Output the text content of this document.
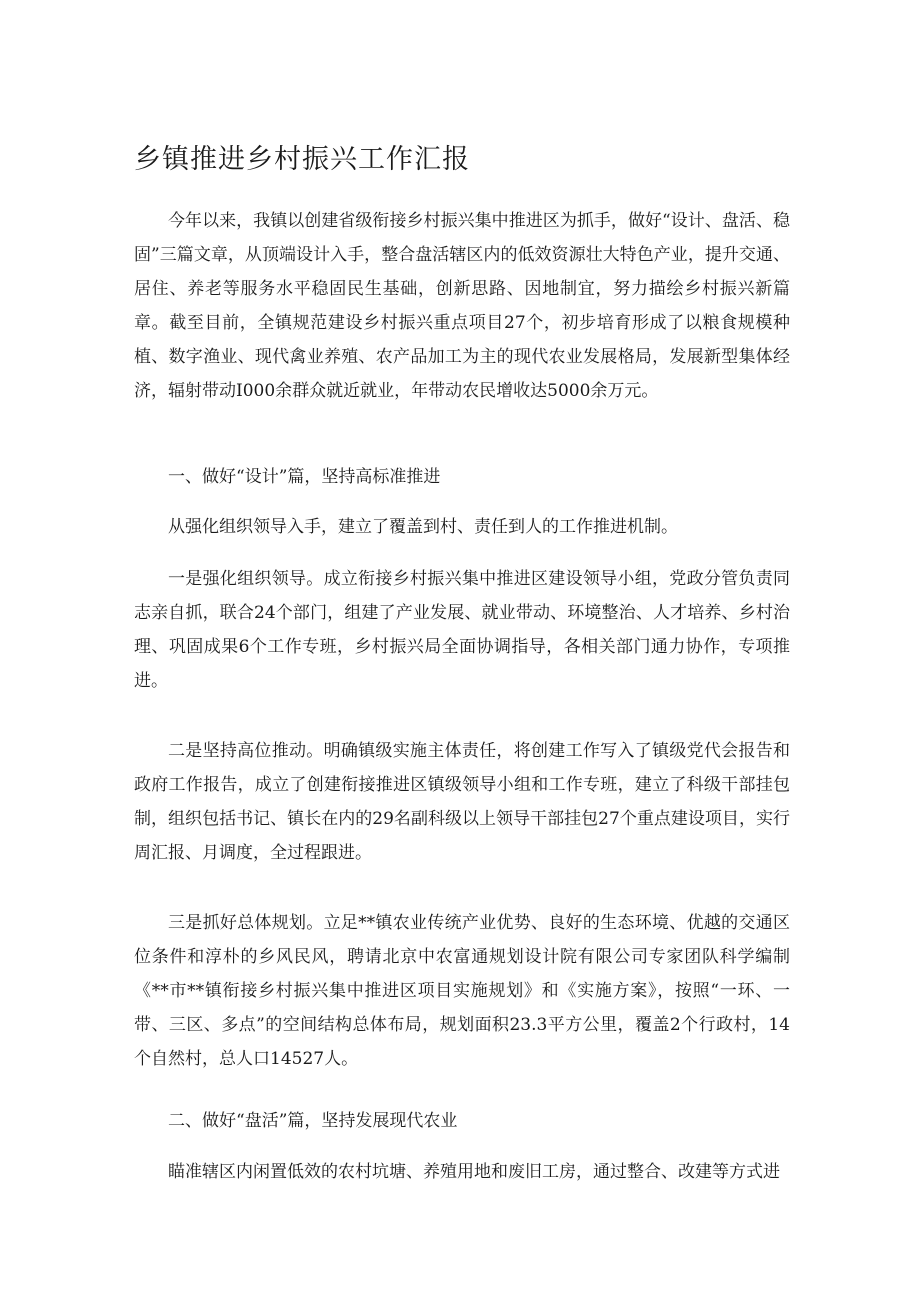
乡镇推进乡村振兴工作汇报

今年以来，我镇以创建省级衔接乡村振兴集中推进区为抓手，做好“设计、盘活、稳固”三篇文章，从顶端设计入手，整合盘活辖区内的低效资源壮大特色产业，提升交通、居住、养老等服务水平稳固民生基础，创新思路、因地制宜，努力描绘乡村振兴新篇章。截至目前，全镇规范建设乡村振兴重点项目27个，初步培育形成了以粮食规模种植、数字渔业、现代禽业养殖、农产品加工为主的现代农业发展格局，发展新型集体经济，辐射带动I000余群众就近就业，年带动农民增收达5000余万元。

一、做好“设计”篇，坚持高标准推进

从强化组织领导入手，建立了覆盖到村、责任到人的工作推进机制。

一是强化组织领导。成立衔接乡村振兴集中推进区建设领导小组，党政分管负责同志亲自抓，联合24个部门，组建了产业发展、就业带动、环境整治、人才培养、乡村治理、巩固成果6个工作专班，乡村振兴局全面协调指导，各相关部门通力协作，专项推进。

二是坚持高位推动。明确镇级实施主体责任，将创建工作写入了镇级党代会报告和政府工作报告，成立了创建衔接推进区镇级领导小组和工作专班，建立了科级干部挂包制，组织包括书记、镇长在内的29名副科级以上领导干部挂包27个重点建设项目，实行周汇报、月调度，全过程跟进。

三是抓好总体规划。立足**镇农业传统产业优势、良好的生态环境、优越的交通区位条件和淳朴的乡风民风，聘请北京中农富通规划设计院有限公司专家团队科学编制《**市**镇衔接乡村振兴集中推进区项目实施规划》和《实施方案》，按照“一环、一带、三区、多点”的空间结构总体布局，规划面积23.3平方公里，覆盖2个行政村，14个自然村，总人口14527人。

二、做好“盘活”篇，坚持发展现代农业

瞄准辖区内闲置低效的农村坑塘、养殖用地和废旧工房，通过整合、改建等方式进
